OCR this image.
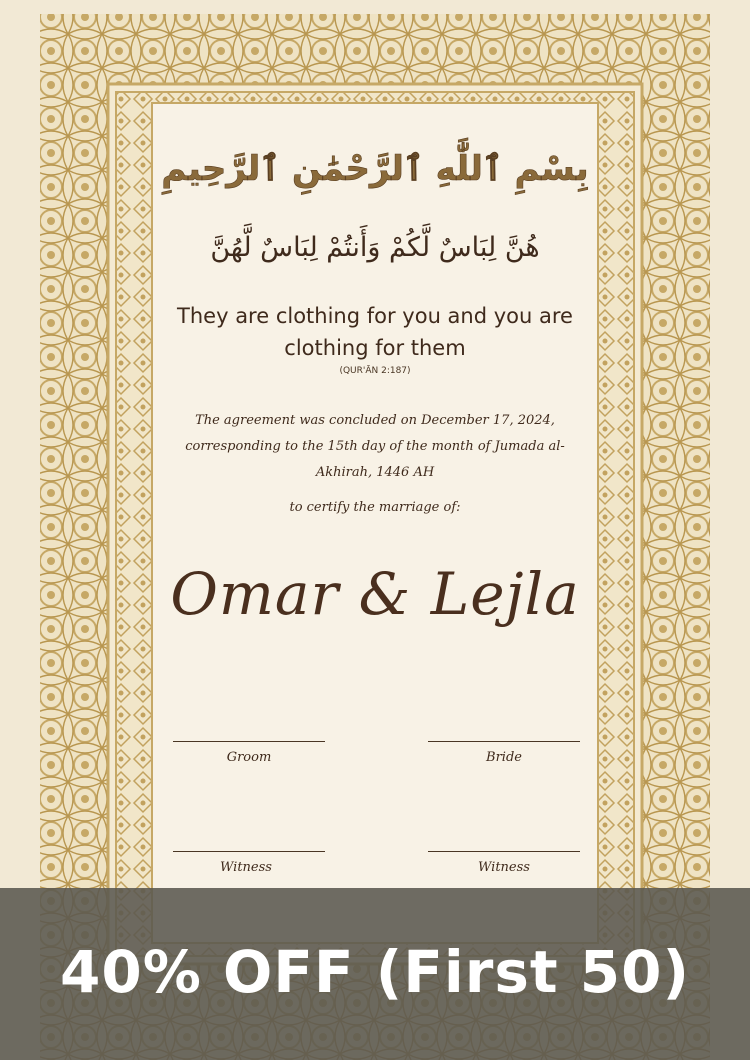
بِسْمِ ٱللَّٰهِ ٱلرَّحْمَٰنِ ٱلرَّحِيمِ
هُنَّ لِبَاسٌ لَّكُمْ وَأَنتُمْ لِبَاسٌ لَّهُنَّ
They are clothing for you and you are clothing for them
(QUR'ĀN 2:187)
The agreement was concluded on December 17, 2024, corresponding to the 15th day of the month of Jumada al-Akhirah, 1446 AH
to certify the marriage of:
Omar & Lejla
Groom	Bride
Witness	Witness
40% OFF (First 50)
